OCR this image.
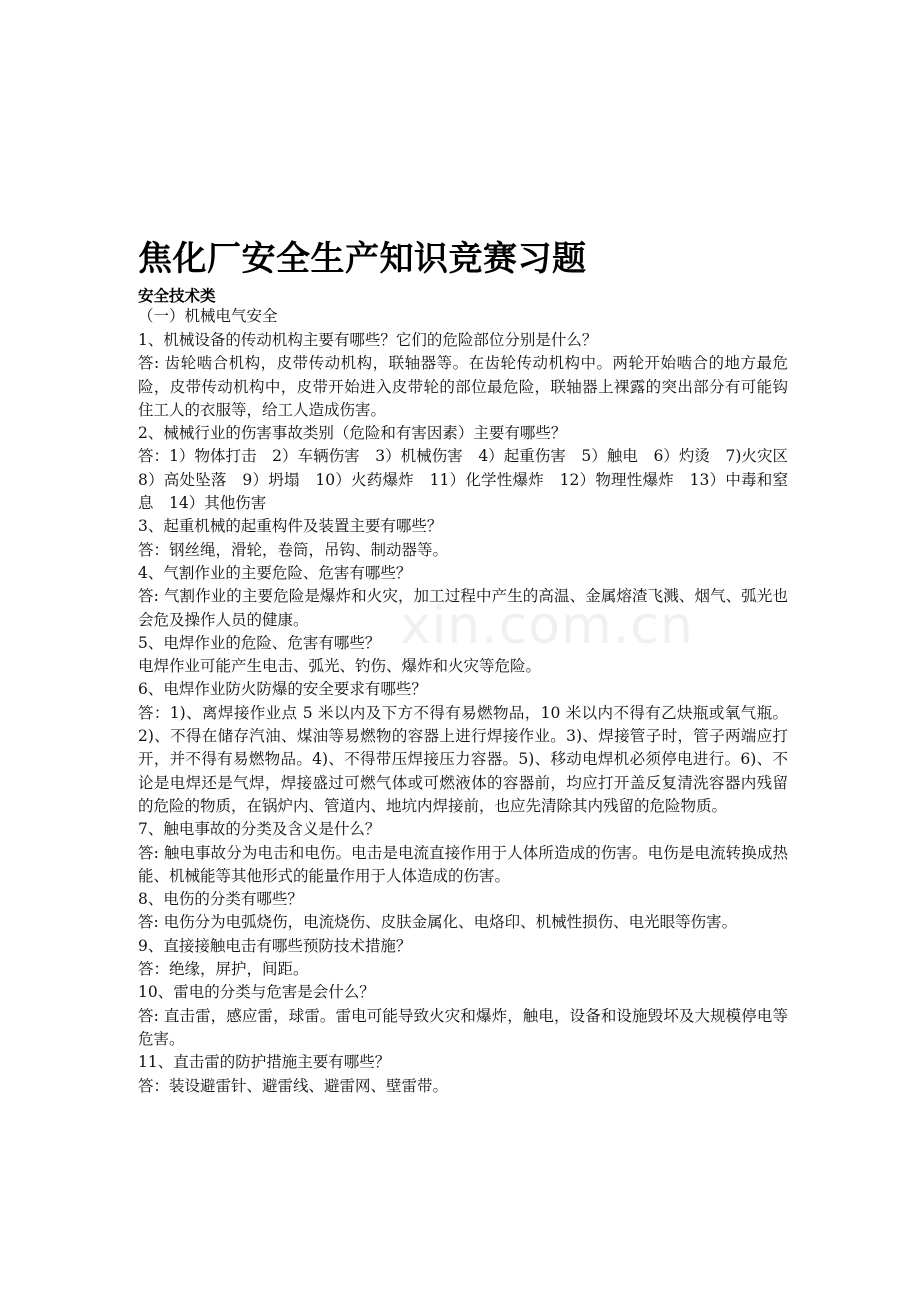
xin.com.cn
焦化厂安全生产知识竞赛习题
安全技术类
（一）机械电气安全

1、机械设备的传动机构主要有哪些？它们的危险部位分别是什么？

答: 齿轮啮合机构，皮带传动机构，联轴器等。在齿轮传动机构中。两轮开始啮合的地方最危险，皮带传动机构中，皮带开始进入皮带轮的部位最危险，联轴器上裸露的突出部分有可能钩住工人的衣服等，给工人造成伤害。

2、械械行业的伤害事故类别（危险和有害因素）主要有哪些？

答：1）物体打击　2）车辆伤害　3）机械伤害　4）起重伤害　5）触电　6）灼烫　7)火灾区 8）高处坠落　9）坍塌　10）火药爆炸　11）化学性爆炸　12）物理性爆炸　13）中毒和窒息　14）其他伤害

3、起重机械的起重构件及装置主要有哪些？

答：钢丝绳，滑轮，卷筒，吊钩、制动器等。

4、气割作业的主要危险、危害有哪些？

答: 气割作业的主要危险是爆炸和火灾，加工过程中产生的高温、金属熔渣飞溅、烟气、弧光也会危及操作人员的健康。

5、电焊作业的危险、危害有哪些？

电焊作业可能产生电击、弧光、钓伤、爆炸和火灾等危险。

6、电焊作业防火防爆的安全要求有哪些？

答：1)、离焊接作业点 5 米以内及下方不得有易燃物品，10 米以内不得有乙炔瓶或氧气瓶。2)、不得在储存汽油、煤油等易燃物的容器上进行焊接作业。3)、焊接管子时，管子两端应打开，并不得有易燃物品。4)、不得带压焊接压力容器。5)、移动电焊机必须停电进行。6)、不论是电焊还是气焊，焊接盛过可燃气体或可燃液体的容器前，均应打开盖反复清洗容器内残留的危险的物质，在锅炉内、管道内、地坑内焊接前，也应先清除其内残留的危险物质。

7、触电事故的分类及含义是什么？

答: 触电事故分为电击和电伤。电击是电流直接作用于人体所造成的伤害。电伤是电流转换成热能、机械能等其他形式的能量作用于人体造成的伤害。

8、电伤的分类有哪些？

答: 电伤分为电弧烧伤，电流烧伤、皮肤金属化、电烙印、机械性损伤、电光眼等伤害。

9、直接接触电击有哪些预防技术措施？

答：绝缘，屏护，间距。

10、雷电的分类与危害是会什么？

答: 直击雷，感应雷，球雷。雷电可能导致火灾和爆炸，触电，设备和设施毁坏及大规模停电等危害。

11、直击雷的防护措施主要有哪些？

答：装设避雷针、避雷线、避雷网、壁雷带。
